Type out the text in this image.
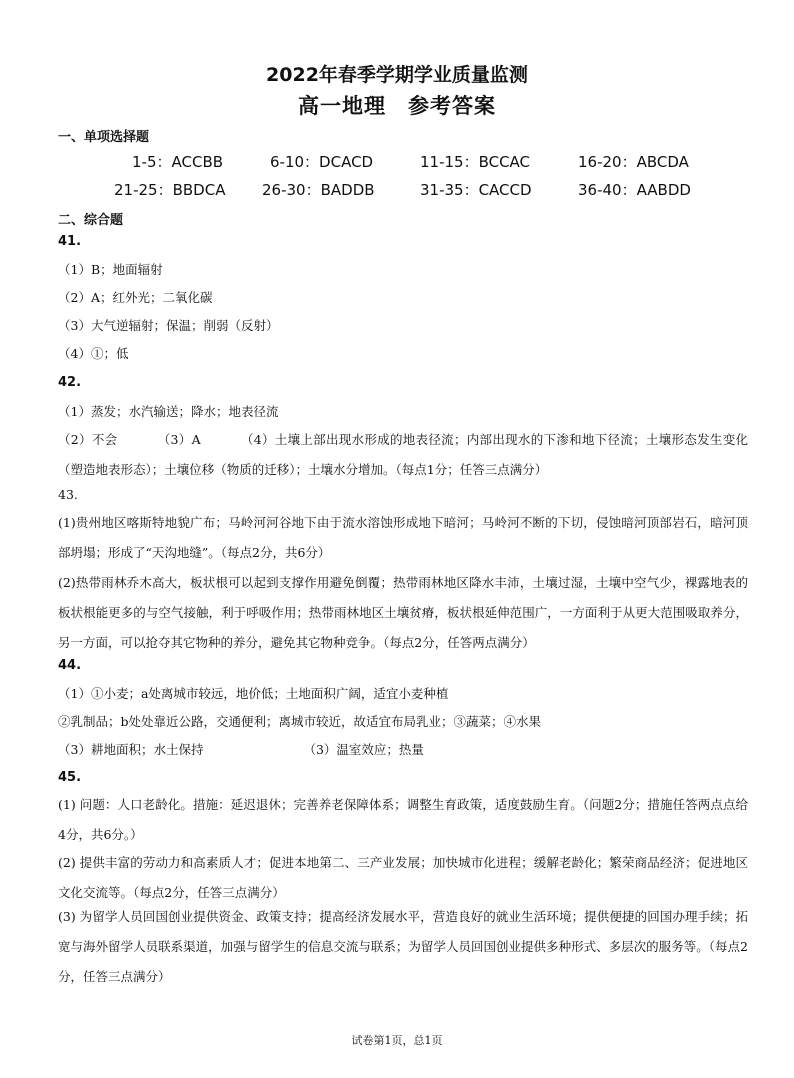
2022年春季学期学业质量监测
高一地理　参考答案
一、单项选择题
1-5：ACCBB	6-10：DCACD	11-15：BCCAC	16-20：ABCDA
21-25：BBDCA 26-30：BADDB	31-35：CACCD	36-40：AABDD
二、综合题
41.
（1）B；地面辐射
（2）A；红外光；二氧化碳
（3）大气逆辐射；保温；削弱（反射）
（4）①；低
42.
（1）蒸发；水汽输送；降水；地表径流
（2）不会	（3）A	（4）土壤上部出现水形成的地表径流；内部出现水的下渗和地下径流；土壤形态发生变化（塑造地表形态）；土壤位移（物质的迁移）；土壤水分增加。（每点1分；任答三点满分）
43.
(1)贵州地区喀斯特地貌广布；马岭河河谷地下由于流水溶蚀形成地下暗河；马岭河不断的下切，侵蚀暗河顶部岩石，暗河顶部坍塌；形成了“天沟地缝”。（每点2分，共6分）
(2)热带雨林乔木高大，板状根可以起到支撑作用避免倒覆；热带雨林地区降水丰沛，土壤过湿，土壤中空气少，裸露地表的板状根能更多的与空气接触，利于呼吸作用；热带雨林地区土壤贫瘠，板状根延伸范围广，一方面利于从更大范围吸取养分，另一方面，可以抢夺其它物种的养分，避免其它物种竞争。（每点2分，任答两点满分）
44.
（1）①小麦；a处离城市较远，地价低；土地面积广阔，适宜小麦种植
②乳制品；b处处靠近公路，交通便利；离城市较近，故适宜布局乳业；③蔬菜；④水果
（3）耕地面积；水土保持	（3）温室效应；热量
45.
(1) 问题：人口老龄化。措施：延迟退休；完善养老保障体系；调整生育政策，适度鼓励生育。（问题2分；措施任答两点点给4分，共6分。）
(2) 提供丰富的劳动力和高素质人才；促进本地第二、三产业发展；加快城市化进程；缓解老龄化；繁荣商品经济；促进地区文化交流等。（每点2分，任答三点满分）
(3) 为留学人员回国创业提供资金、政策支持；提高经济发展水平，营造良好的就业生活环境；提供便捷的回国办理手续；拓宽与海外留学人员联系渠道，加强与留学生的信息交流与联系；为留学人员回国创业提供多种形式、多层次的服务等。（每点2分，任答三点满分）
试卷第1页，总1页
